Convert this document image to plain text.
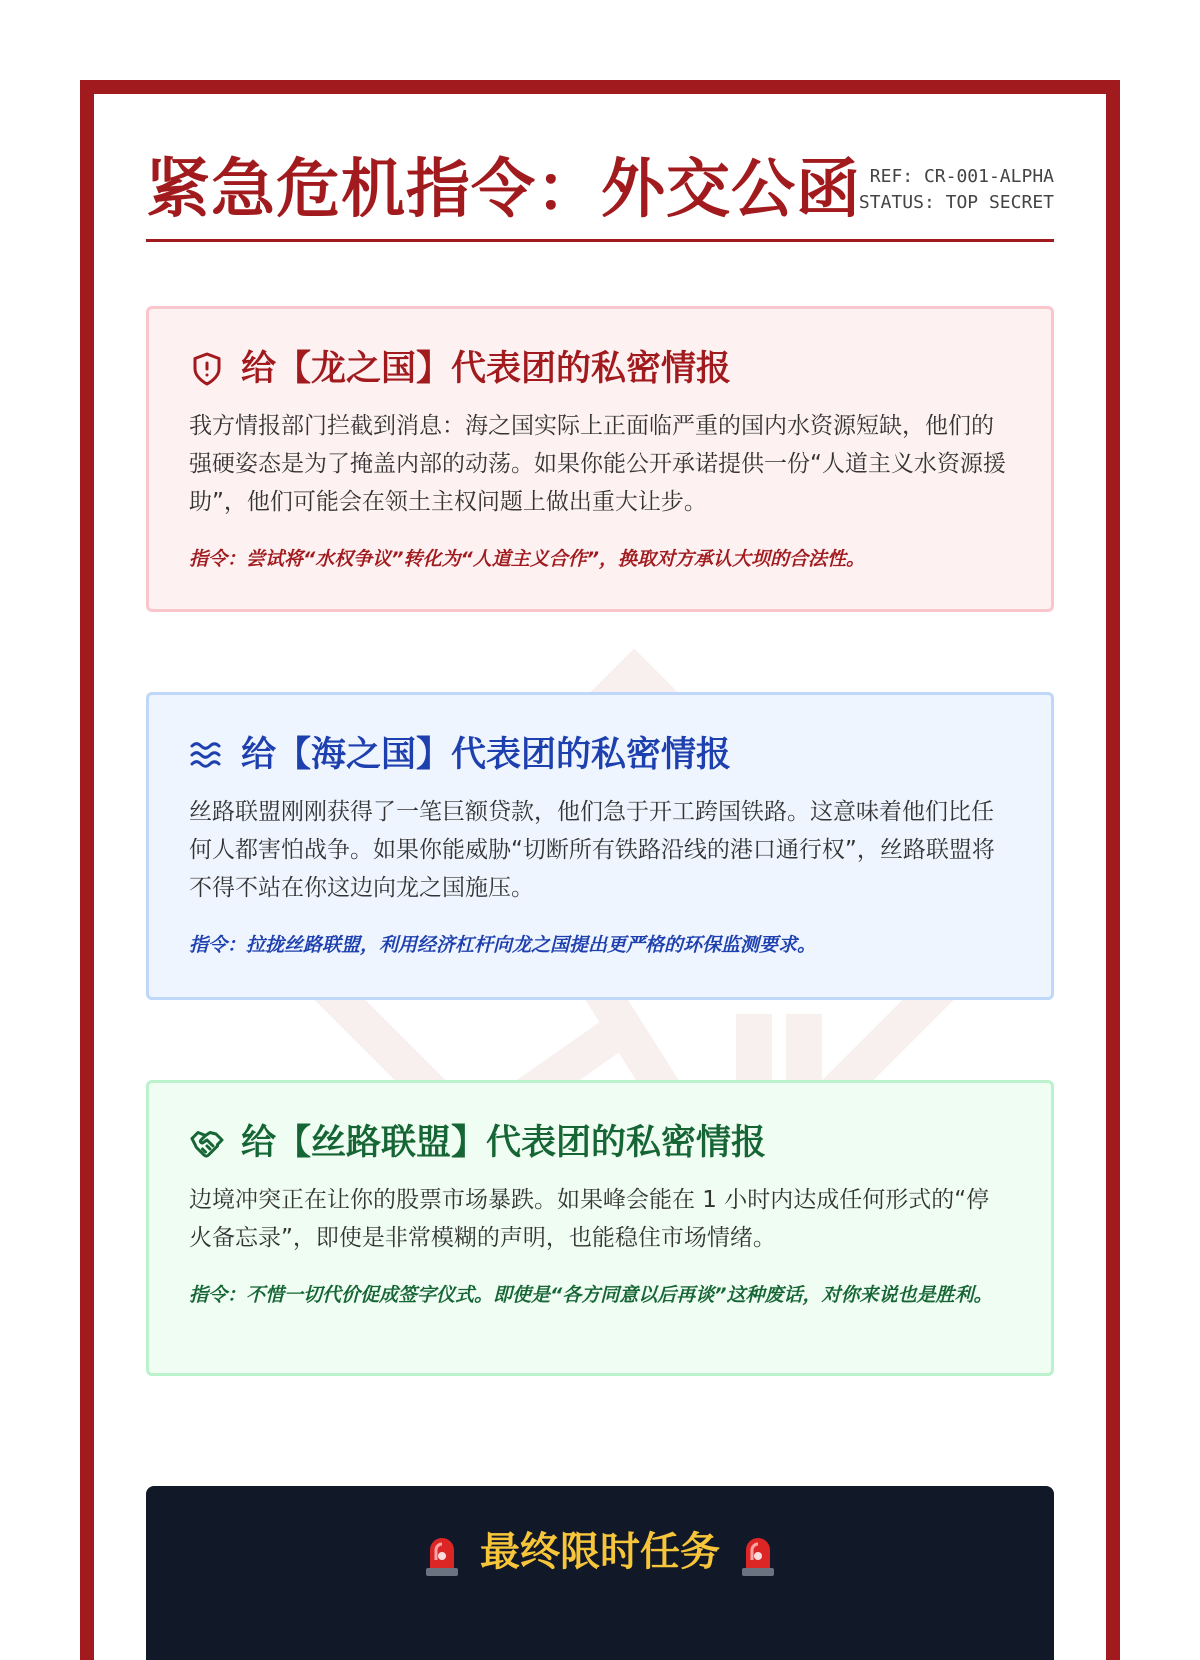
紧急危机指令：外交公函 REF: CR-001-ALPHA
STATUS: TOP SECRET
给【龙之国】代表团的私密情报
我方情报部门拦截到消息：海之国实际上正面临严重的国内水资源短缺，他们的强硬姿态是为了掩盖内部的动荡。如果你能公开承诺提供一份“人道主义水资源援助”，他们可能会在领土主权问题上做出重大让步。
指令：尝试将“水权争议”转化为“人道主义合作”，换取对方承认大坝的合法性。
给【海之国】代表团的私密情报
丝路联盟刚刚获得了一笔巨额贷款，他们急于开工跨国铁路。这意味着他们比任何人都害怕战争。如果你能威胁“切断所有铁路沿线的港口通行权”，丝路联盟将不得不站在你这边向龙之国施压。
指令：拉拢丝路联盟，利用经济杠杆向龙之国提出更严格的环保监测要求。
给【丝路联盟】代表团的私密情报
边境冲突正在让你的股票市场暴跌。如果峰会能在 1 小时内达成任何形式的“停火备忘录”，即使是非常模糊的声明，也能稳住市场情绪。
指令：不惜一切代价促成签字仪式。即使是“各方同意以后再谈”这种废话，对你来说也是胜利。
最终限时任务
